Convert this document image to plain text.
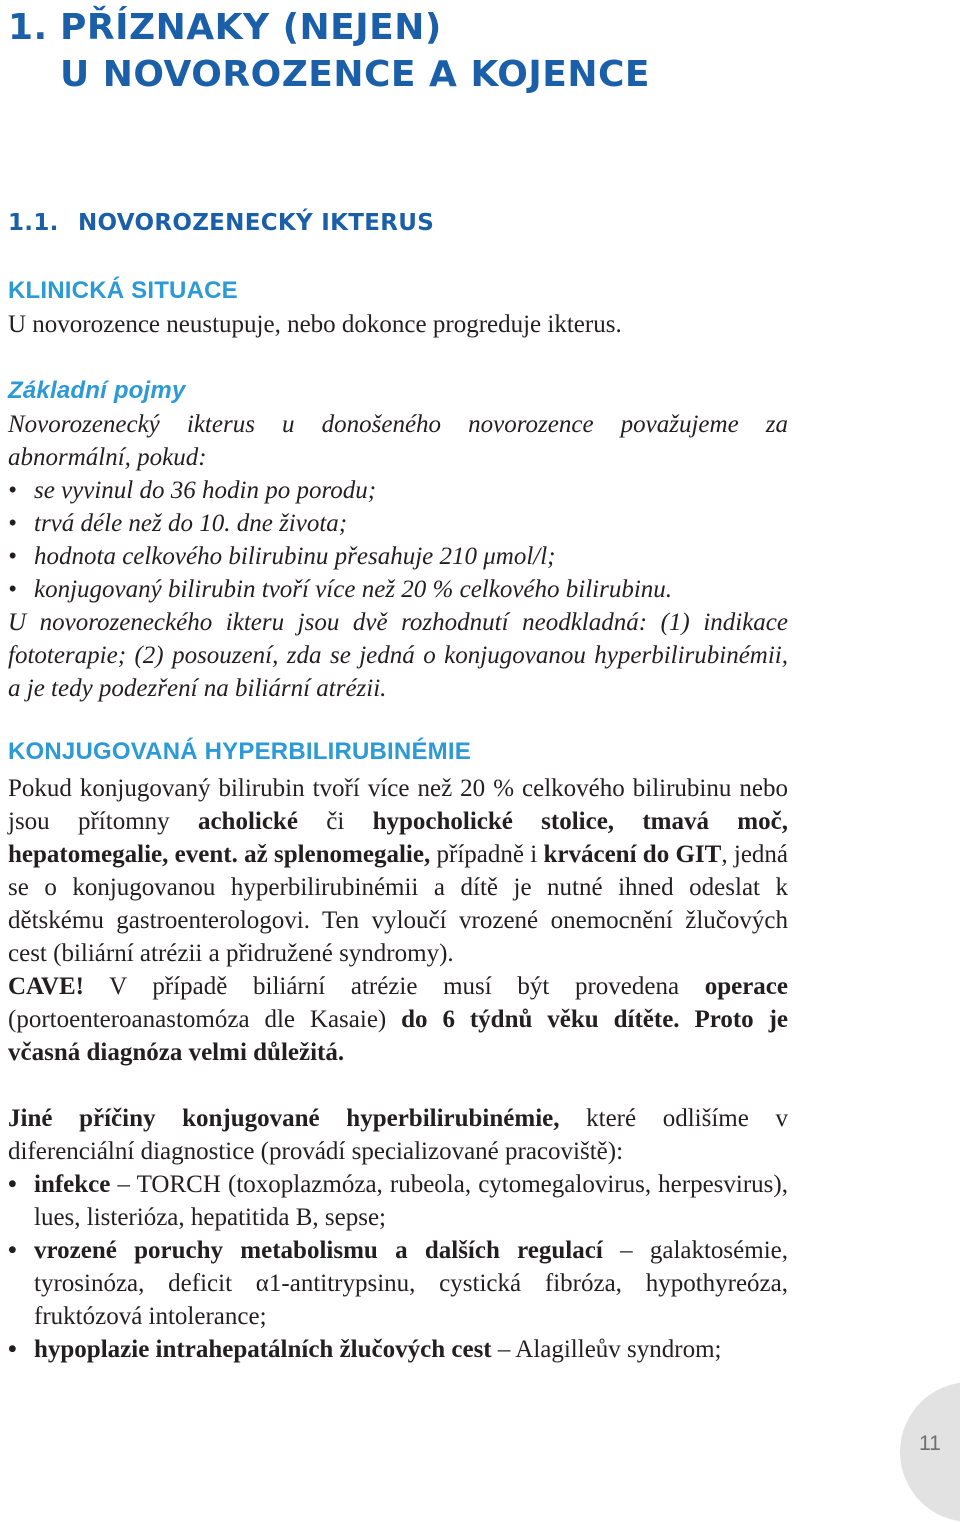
1. PŘÍZNAKY (NEJEN)
U NOVOROZENCE A KOJENCE
1.1. NOVOROZENECKÝ IKTERUS
KLINICKÁ SITUACE

U novorozence neustupuje, nebo dokonce progreduje ikterus.

Základní pojmy

Novorozenecký ikterus u donošeného novorozence považujeme za abnormální, pokud:

• se vyvinul do 36 hodin po porodu;
• trvá déle než do 10. dne života;
• hodnota celkového bilirubinu přesahuje 210 μmol/l;
• konjugovaný bilirubin tvoří více než 20 % celkového bilirubinu.

U novorozeneckého ikteru jsou dvě rozhodnutí neodkladná: (1) indikace fototerapie; (2) posouzení, zda se jedná o konjugovanou hyperbilirubinémii, a je tedy podezření na biliární atrézii.

KONJUGOVANÁ HYPERBILIRUBINÉMIE

Pokud konjugovaný bilirubin tvoří více než 20 % celkového bilirubinu nebo jsou přítomny acholické či hypocholické stolice, tmavá moč, hepatomegalie, event. až splenomegalie, případně i krvácení do GIT, jedná se o konjugovanou hyperbilirubinémii a dítě je nutné ihned odeslat k dětskému gastroenterologovi. Ten vyloučí vrozené onemocnění žlučových cest (biliární atrézii a přidružené syndromy).

CAVE! V případě biliární atrézie musí být provedena operace (portoenteroanastomóza dle Kasaie) do 6 týdnů věku dítěte. Proto je včasná diagnóza velmi důležitá.

Jiné příčiny konjugované hyperbilirubinémie, které odlišíme v diferenciální diagnostice (provádí specializované pracoviště):

• infekce – TORCH (toxoplazmóza, rubeola, cytomegalovirus, herpesvirus), lues, listerióza, hepatitida B, sepse;
• vrozené poruchy metabolismu a dalších regulací – galaktosémie, tyrosinóza, deficit α1-antitrypsinu, cystická fibróza, hypothyreóza, fruktózová intolerance;
• hypoplazie intrahepatálních žlučových cest – Alagilleův syndrom;
11
